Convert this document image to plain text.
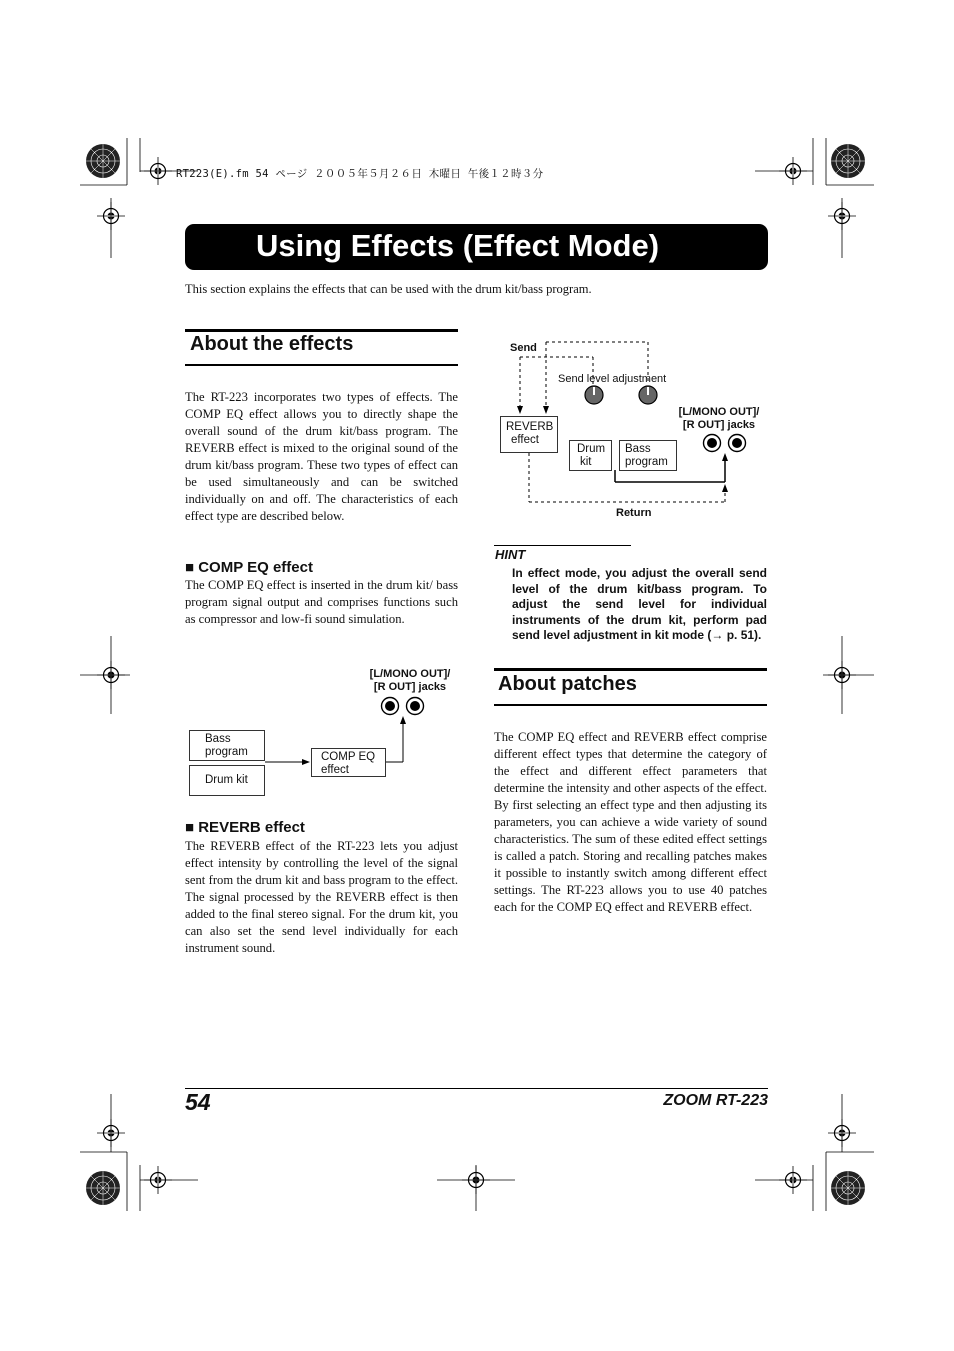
RT223(E).fm 54 ページ ２００５年５月２６日 木曜日 午後１２時３分
Using Effects (Effect Mode)
This section explains the effects that can be used with the drum kit/bass program.
About the effects
The RT-223 incorporates two types of effects. The COMP EQ effect allows you to directly shape the overall sound of the drum kit/bass program. The REVERB effect is mixed to the original sound of the drum kit/bass program. These two types of effect can be used simultaneously and can be switched individually on and off. The characteristics of each effect type are described below.
■ COMP EQ effect
The COMP EQ effect is inserted in the drum kit/ bass program signal output and comprises functions such as compressor and low-fi sound simulation.
[L/MONO OUT]/
[R OUT] jacks
Bass
program
Drum kit
COMP EQ
effect
■ REVERB effect
The REVERB effect of the RT-223 lets you adjust effect intensity by controlling the level of the signal sent from the drum kit and bass program to the effect. The signal processed by the REVERB effect is then added to the final stereo signal. For the drum kit, you can also set the send level individually for each instrument sound.
Send
Send level adjustment
REVERB
effect
Drum
kit
Bass
program
[L/MONO OUT]/
[R OUT] jacks
Return
HINT
In effect mode, you adjust the overall send level of the drum kit/bass program. To adjust the send level for individual instruments of the drum kit, perform pad send level adjustment in kit mode (→ p. 51).
About patches
The COMP EQ effect and REVERB effect comprise different effect types that determine the category of the effect and different effect parameters that determine the intensity and other aspects of the effect. By first selecting an effect type and then adjusting its parameters, you can achieve a wide variety of sound characteristics. The sum of these edited effect settings is called a patch. Storing and recalling patches makes it possible to instantly switch among different effect settings. The RT-223 allows you to use 40 patches each for the COMP EQ effect and REVERB effect.
54	ZOOM RT-223
